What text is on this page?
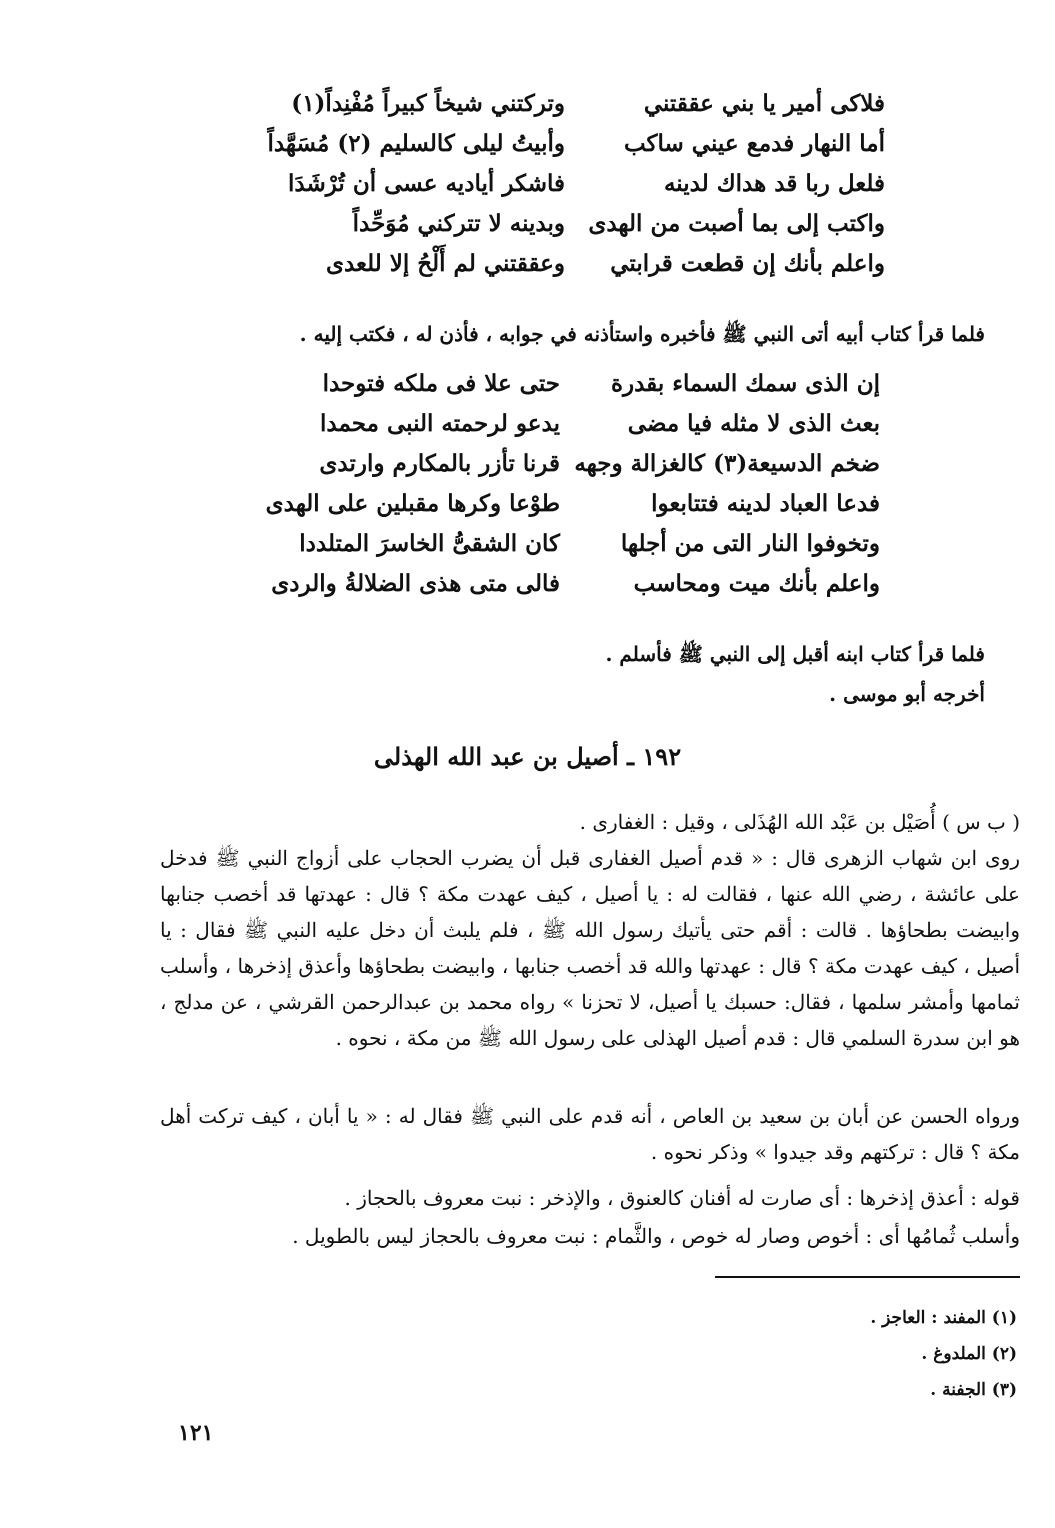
فلاكى أمير يا بني عققتني
وتركتني شيخاً كبيراً مُفْنِداً(١)
أما النهار فدمع عيني ساكب
وأبيتُ ليلى كالسليم (٢) مُسَهَّداً
فلعل ربا قد هداك لدينه
فاشكر أياديه عسى أن تُرْشَدَا
واكتب إلى بما أصبت من الهدى
وبدينه لا تتركني مُوَحِّداً
واعلم بأنك إن قطعت قرابتي
وعققتني لم أَلْحُ إلا للعدى
فلما قرأ كتاب أبيه أتى النبي ﷺ فأخبره واستأذنه في جوابه ، فأذن له ، فكتب إليه .
إن الذى سمك السماء بقدرة
حتى علا فى ملكه فتوحدا
بعث الذى لا مثله فيا مضى
يدعو لرحمته النبى محمدا
ضخم الدسيعة(٣) كالغزالة وجهه
قرنا تأزر بالمكارم وارتدى
فدعا العباد لدينه فتتابعوا
طوْعا وكرها مقبلين على الهدى
وتخوفوا النار التى من أجلها
كان الشقىُّ الخاسرَ المتلددا
واعلم بأنك ميت ومحاسب
فالى متى هذى الضلالةُ والردى
فلما قرأ كتاب ابنه أقبل إلى النبي ﷺ فأسلم .
أخرجه أبو موسى .
١٩٢ ـ أصيل بن عبد الله الهذلى
( ب س ) أُصَيْل بن عَبْد الله الهُذَلى ، وقيل : الغفارى .
روى ابن شهاب الزهرى قال : « قدم أصيل الغفارى قبل أن يضرب الحجاب على أزواج النبي ﷺ فدخل على عائشة ، رضي الله عنها ، فقالت له : يا أصيل ، كيف عهدت مكة ؟ قال : عهدتها قد أخصب جنابها وابيضت بطحاؤها . قالت : أقم حتى يأتيك رسول الله ﷺ ، فلم يلبث أن دخل عليه النبي ﷺ فقال : يا أصيل ، كيف عهدت مكة ؟ قال : عهدتها والله قد أخصب جنابها ، وابيضت بطحاؤها وأعذق إذخرها ، وأسلب ثمامها وأمشر سلمها ، فقال: حسبك يا أصيل، لا تحزنا » رواه محمد بن عبدالرحمن القرشي ، عن مدلج ، هو ابن سدرة السلمي قال : قدم أصيل الهذلى على رسول الله ﷺ من مكة ، نحوه .
ورواه الحسن عن أبان بن سعيد بن العاص ، أنه قدم على النبي ﷺ فقال له : « يا أبان ، كيف تركت أهل مكة ؟ قال : تركتهم وقد جيدوا » وذكر نحوه .
قوله : أعذق إذخرها : أى صارت له أفنان كالعنوق ، والإذخر : نبت معروف بالحجاز .
وأسلب ثُمامُها أى : أخوص وصار له خوص ، والثَّمام : نبت معروف بالحجاز ليس بالطويل .
(١) المفند : العاجز .
(٢) الملدوغ .
(٣) الجفنة .
١٢١
